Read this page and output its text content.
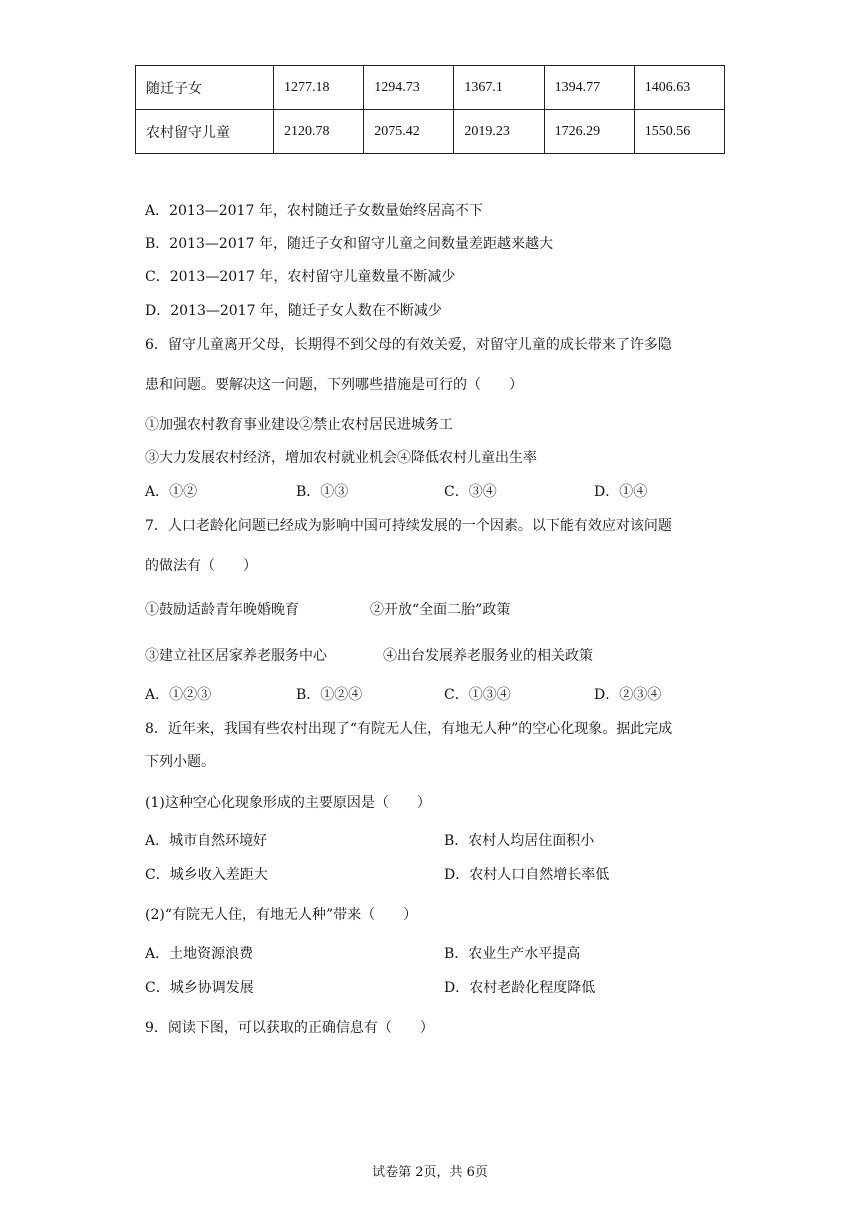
随迁子女	1277.18	1294.73	1367.1	1394.77	1406.63
农村留守儿童	2120.78	2075.42	2019.23	1726.29	1550.56
A．2013—2017 年，农村随迁子女数量始终居高不下
B．2013—2017 年，随迁子女和留守儿童之间数量差距越来越大
C．2013—2017 年，农村留守儿童数量不断减少
D．2013—2017 年，随迁子女人数在不断减少
6．留守儿童离开父母，长期得不到父母的有效关爱，对留守儿童的成长带来了许多隐
患和问题。要解决这一问题，下列哪些措施是可行的（　　）
①加强农村教育事业建设②禁止农村居民进城务工
③大力发展农村经济，增加农村就业机会④降低农村儿童出生率
A．①②	B．①③	C．③④	D．①④
7．人口老龄化问题已经成为影响中国可持续发展的一个因素。以下能有效应对该问题
的做法有（　　）
①鼓励适龄青年晚婚晚育	②开放“全面二胎”政策
③建立社区居家养老服务中心	④出台发展养老服务业的相关政策
A．①②③	B．①②④	C．①③④	D．②③④
8．近年来，我国有些农村出现了“有院无人住，有地无人种”的空心化现象。据此完成
下列小题。
(1)这种空心化现象形成的主要原因是（　　）
A．城市自然环境好	B．农村人均居住面积小
C．城乡收入差距大	D．农村人口自然增长率低
(2)“有院无人住，有地无人种”带来（　　）
A．土地资源浪费	B．农业生产水平提高
C．城乡协调发展	D．农村老龄化程度降低
9．阅读下图，可以获取的正确信息有（　　）
试卷第 2页，共 6页
